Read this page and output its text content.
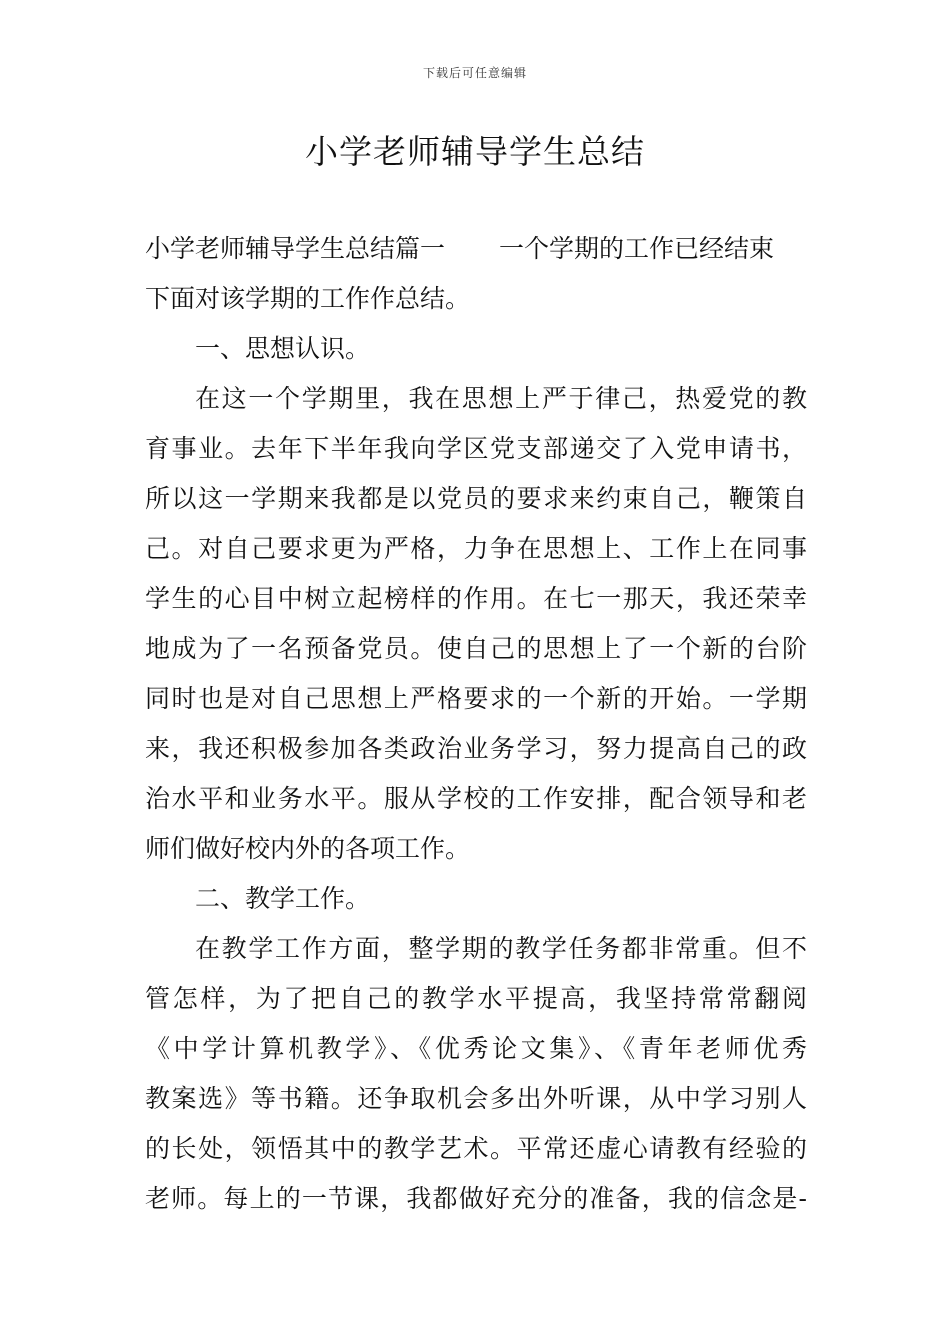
下载后可任意编辑
小学老师辅导学生总结
小学老师辅导学生总结篇一 一个学期的工作已经结束
下面对该学期的工作作总结。
一、思想认识。
在这一个学期里，我在思想上严于律己，热爱党的教
育事业。去年下半年我向学区党支部递交了入党申请书，
所以这一学期来我都是以党员的要求来约束自己，鞭策自
己。对自己要求更为严格，力争在思想上、工作上在同事
学生的心目中树立起榜样的作用。在七一那天，我还荣幸
地成为了一名预备党员。使自己的思想上了一个新的台阶
同时也是对自己思想上严格要求的一个新的开始。一学期
来，我还积极参加各类政治业务学习，努力提高自己的政
治水平和业务水平。服从学校的工作安排，配合领导和老
师们做好校内外的各项工作。
二、教学工作。
在教学工作方面，整学期的教学任务都非常重。但不
管怎样，为了把自己的教学水平提高，我坚持常常翻阅
《中学计算机教学》、《优秀论文集》、《青年老师优秀
教案选》等书籍。还争取机会多出外听课，从中学习别人
的长处，领悟其中的教学艺术。平常还虚心请教有经验的
老师。每上的一节课，我都做好充分的准备，我的信念是-
